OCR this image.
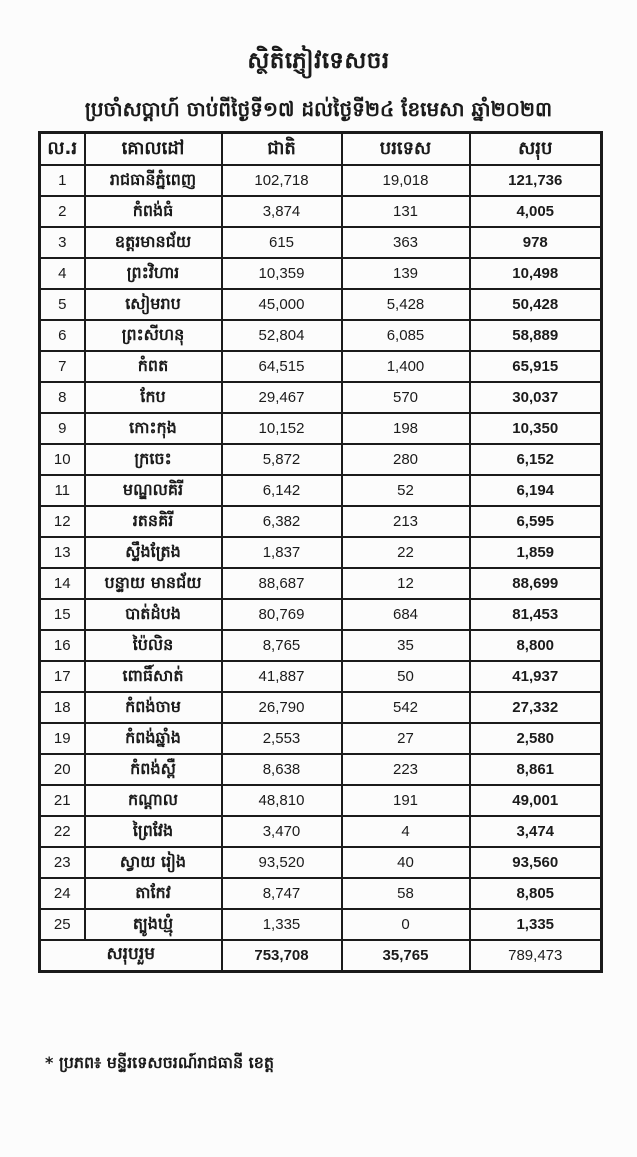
ស្ថិតិភ្ញៀវទេសចរ
ប្រចាំសប្តាហ៍ ចាប់ពីថ្ងៃទី១៧ ដល់ថ្ងៃទី២៤ ខែមេសា ឆ្នាំ២០២៣
ល.រ	គោលដៅ	ជាតិ	បរទេស	សរុប
1	រាជធានីភ្នំពេញ	102,718	19,018	121,736
2	កំពង់ធំ	3,874	131	4,005
3	ឧត្តរមានជ័យ	615	363	978
4	ព្រះវិហារ	10,359	139	10,498
5	សៀមរាប	45,000	5,428	50,428
6	ព្រះសីហនុ	52,804	6,085	58,889
7	កំពត	64,515	1,400	65,915
8	កែប	29,467	570	30,037
9	កោះកុង	10,152	198	10,350
10	ក្រចេះ	5,872	280	6,152
11	មណ្ឌលគិរី	6,142	52	6,194
12	រតនគិរី	6,382	213	6,595
13	ស្ទឹងត្រែង	1,837	22	1,859
14	បន្ទាយ មានជ័យ	88,687	12	88,699
15	បាត់ដំបង	80,769	684	81,453
16	ប៉ៃលិន	8,765	35	8,800
17	ពោធិ៍សាត់	41,887	50	41,937
18	កំពង់ចាម	26,790	542	27,332
19	កំពង់ឆ្នាំង	2,553	27	2,580
20	កំពង់ស្ពឺ	8,638	223	8,861
21	កណ្តាល	48,810	191	49,001
22	ព្រៃវែង	3,470	4	3,474
23	ស្វាយ រៀង	93,520	40	93,560
24	តាកែវ	8,747	58	8,805
25	ត្បូងឃ្មុំ	1,335	0	1,335
សរុបរួម		753,708	35,765	789,473

* ប្រភព៖ មន្ទីរទេសចរណ៍រាជធានី ខេត្ត
